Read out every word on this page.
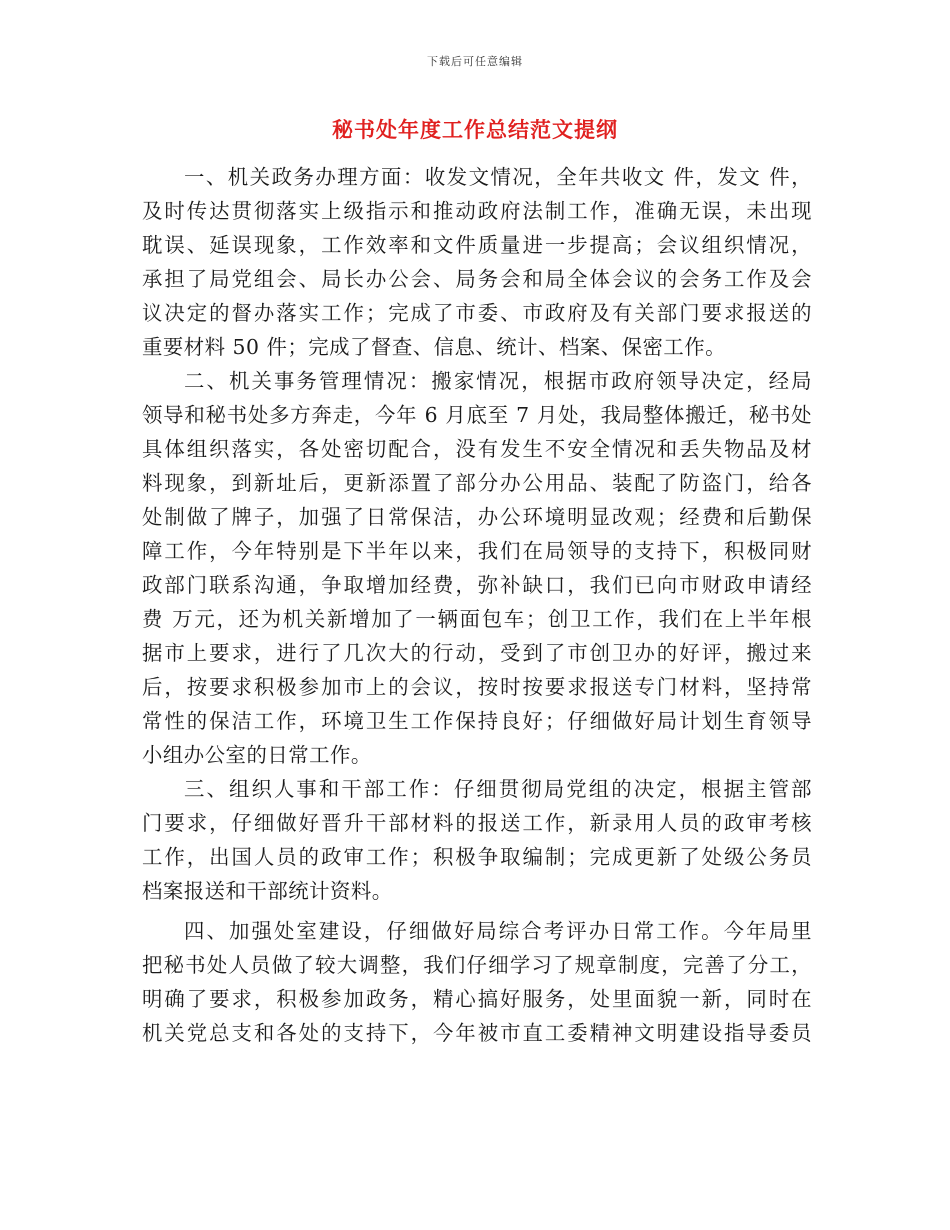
下载后可任意编辑
秘书处年度工作总结范文提纲
一、机关政务办理方面：收发文情况，全年共收文 件，发文 件，
及时传达贯彻落实上级指示和推动政府法制工作，准确无误，未出现
耽误、延误现象，工作效率和文件质量进一步提高；会议组织情况，
承担了局党组会、局长办公会、局务会和局全体会议的会务工作及会
议决定的督办落实工作；完成了市委、市政府及有关部门要求报送的
重要材料 50 件；完成了督查、信息、统计、档案、保密工作。
二、机关事务管理情况：搬家情况，根据市政府领导决定，经局
领导和秘书处多方奔走，今年 6 月底至 7 月处，我局整体搬迁，秘书处
具体组织落实，各处密切配合，没有发生不安全情况和丢失物品及材
料现象，到新址后，更新添置了部分办公用品、装配了防盗门，给各
处制做了牌子，加强了日常保洁，办公环境明显改观；经费和后勤保
障工作，今年特别是下半年以来，我们在局领导的支持下，积极同财
政部门联系沟通，争取增加经费，弥补缺口，我们已向市财政申请经
费 万元，还为机关新增加了一辆面包车；创卫工作，我们在上半年根
据市上要求，进行了几次大的行动，受到了市创卫办的好评，搬过来
后，按要求积极参加市上的会议，按时按要求报送专门材料，坚持常
常性的保洁工作，环境卫生工作保持良好；仔细做好局计划生育领导
小组办公室的日常工作。
三、组织人事和干部工作：仔细贯彻局党组的决定，根据主管部
门要求，仔细做好晋升干部材料的报送工作，新录用人员的政审考核
工作，出国人员的政审工作；积极争取编制；完成更新了处级公务员
档案报送和干部统计资料。
四、加强处室建设，仔细做好局综合考评办日常工作。今年局里
把秘书处人员做了较大调整，我们仔细学习了规章制度，完善了分工，
明确了要求，积极参加政务，精心搞好服务，处里面貌一新，同时在
机关党总支和各处的支持下，今年被市直工委精神文明建设指导委员
